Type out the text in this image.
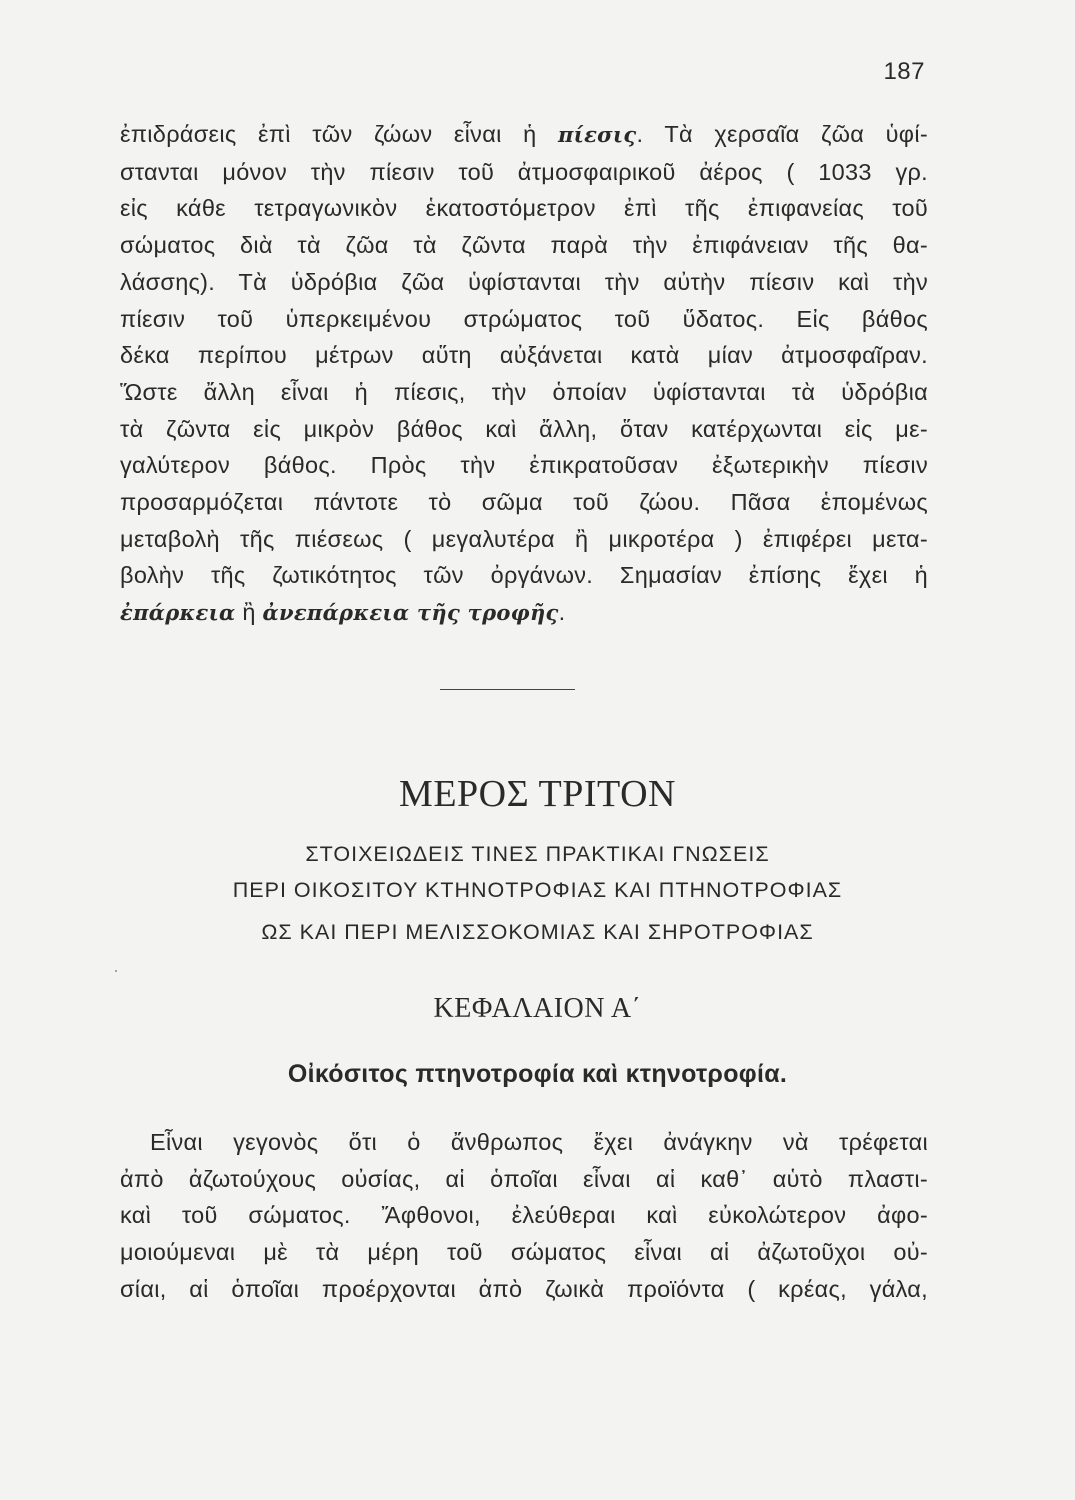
187
ἐπιδράσεις ἐπὶ τῶν ζώων εἶναι ἡ πίεσις. Τὰ χερσαῖα ζῶα ὑφί-
στανται μόνον τὴν πίεσιν τοῦ ἀτμοσφαιρικοῦ ἀέρος ( 1033 γρ.
εἰς κάθε τετραγωνικὸν ἑκατοστόμετρον ἐπὶ τῆς ἐπιφανείας τοῦ
σώματος διὰ τὰ ζῶα τὰ ζῶντα παρὰ τὴν ἐπιφάνειαν τῆς θα-
λάσσης). Τὰ ὑδρόβια ζῶα ὑφίστανται τὴν αὐτὴν πίεσιν καὶ τὴν
πίεσιν τοῦ ὑπερκειμένου στρώματος τοῦ ὕδατος. Εἰς βάθος
δέκα περίπου μέτρων αὕτη αὐξάνεται κατὰ μίαν ἀτμοσφαῖραν.
Ὥστε ἄλλη εἶναι ἡ πίεσις, τὴν ὁποίαν ὑφίστανται τὰ ὑδρόβια
τὰ ζῶντα εἰς μικρὸν βάθος καὶ ἄλλη, ὅταν κατέρχωνται εἰς με-
γαλύτερον βάθος. Πρὸς τὴν ἐπικρατοῦσαν ἐξωτερικὴν πίεσιν
προσαρμόζεται πάντοτε τὸ σῶμα τοῦ ζώου. Πᾶσα ἑπομένως
μεταβολὴ τῆς πιέσεως ( μεγαλυτέρα ἢ μικροτέρα ) ἐπιφέρει μετα-
βολὴν τῆς ζωτικότητος τῶν ὀργάνων. Σημασίαν ἐπίσης ἔχει ἡ
ἐπάρκεια ἢ ἀνεπάρκεια τῆς τροφῆς.
ΜΕΡΟΣ ΤΡΙΤΟΝ
ΣΤΟΙΧΕΙΩΔΕΙΣ ΤΙΝΕΣ ΠΡΑΚΤΙΚΑΙ ΓΝΩΣΕΙΣ
ΠΕΡΙ ΟΙΚΟΣΙΤΟΥ ΚΤΗΝΟΤΡΟΦΙΑΣ ΚΑΙ ΠΤΗΝΟΤΡΟΦΙΑΣ
ΩΣ ΚΑΙ ΠΕΡΙ ΜΕΛΙΣΣΟΚΟΜΙΑΣ ΚΑΙ ΣΗΡΟΤΡΟΦΙΑΣ
ΚΕΦΑΛΑΙΟΝ Α΄
Οἰκόσιτος πτηνοτροφία καὶ κτηνοτροφία.
Εἶναι γεγονὸς ὅτι ὁ ἄνθρωπος ἔχει ἀνάγκην νὰ τρέφεται
ἀπὸ ἀζωτούχους οὐσίας, αἱ ὁποῖαι εἶναι αἱ καθ᾽ αὑτὸ πλαστι-
καὶ τοῦ σώματος. Ἄφθονοι, ἐλεύθεραι καὶ εὐκολώτερον ἀφο-
μοιούμεναι μὲ τὰ μέρη τοῦ σώματος εἶναι αἱ ἀζωτοῦχοι οὐ-
σίαι, αἱ ὁποῖαι προέρχονται ἀπὸ ζωικὰ προϊόντα ( κρέας, γάλα,
